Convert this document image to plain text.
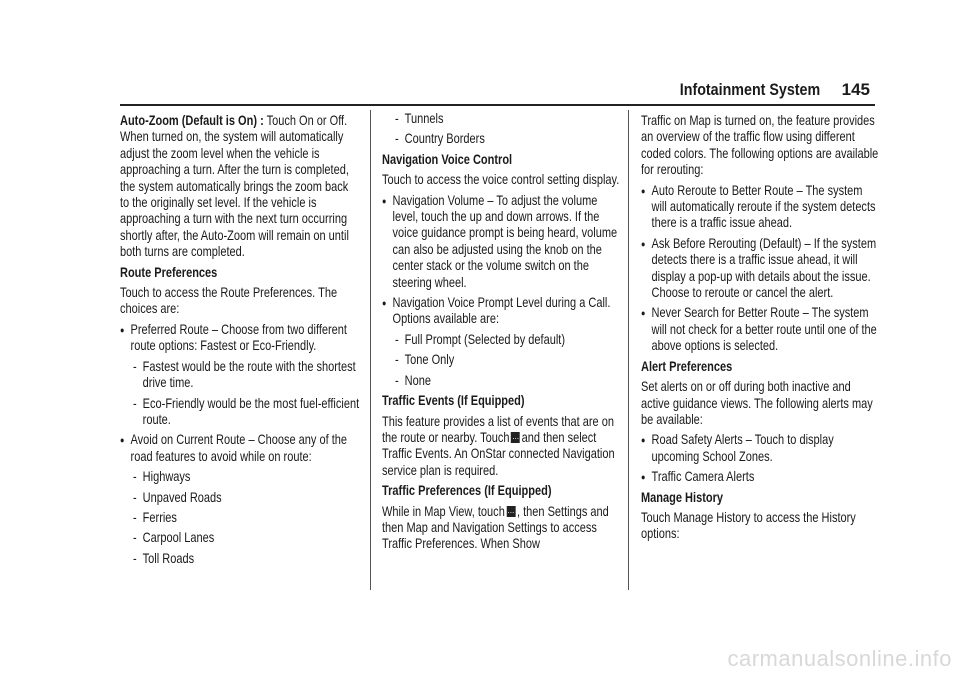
Infotainment System 145

Auto-Zoom (Default is On) : Touch On or Off. When turned on, the system will automatically adjust the zoom level when the vehicle is approaching a turn. After the turn is completed, the system automatically brings the zoom back to the originally set level. If the vehicle is approaching a turn with the next turn occurring shortly after, the Auto-Zoom will remain on until both turns are completed.

Route Preferences

Touch to access the Route Preferences. The choices are:

● Preferred Route – Choose from two different route options: Fastest or Eco-Friendly.
- Fastest would be the route with the shortest drive time.
- Eco-Friendly would be the most fuel-efficient route.
● Avoid on Current Route – Choose any of the road features to avoid while on route:
- Highways
- Unpaved Roads
- Ferries
- Carpool Lanes
- Toll Roads
- Tunnels
- Country Borders

Navigation Voice Control

Touch to access the voice control setting display.

● Navigation Volume – To adjust the volume level, touch the up and down arrows. If the voice guidance prompt is being heard, volume can also be adjusted using the knob on the center stack or the volume switch on the steering wheel.
● Navigation Voice Prompt Level during a Call. Options available are:
- Full Prompt (Selected by default)
- Tone Only
- None

Traffic Events (If Equipped)

This feature provides a list of events that are on the route or nearby. Touch … and then select Traffic Events. An OnStar connected Navigation service plan is required.

Traffic Preferences (If Equipped)

While in Map View, touch … , then Settings and then Map and Navigation Settings to access Traffic Preferences. When Show

Traffic on Map is turned on, the feature provides an overview of the traffic flow using different coded colors. The following options are available for rerouting:

● Auto Reroute to Better Route – The system will automatically reroute if the system detects there is a traffic issue ahead.
● Ask Before Rerouting (Default) – If the system detects there is a traffic issue ahead, it will display a pop-up with details about the issue. Choose to reroute or cancel the alert.
● Never Search for Better Route – The system will not check for a better route until one of the above options is selected.

Alert Preferences

Set alerts on or off during both inactive and active guidance views. The following alerts may be available:

● Road Safety Alerts – Touch to display upcoming School Zones.
● Traffic Camera Alerts

Manage History

Touch Manage History to access the History options:

carmanualsonline.info
